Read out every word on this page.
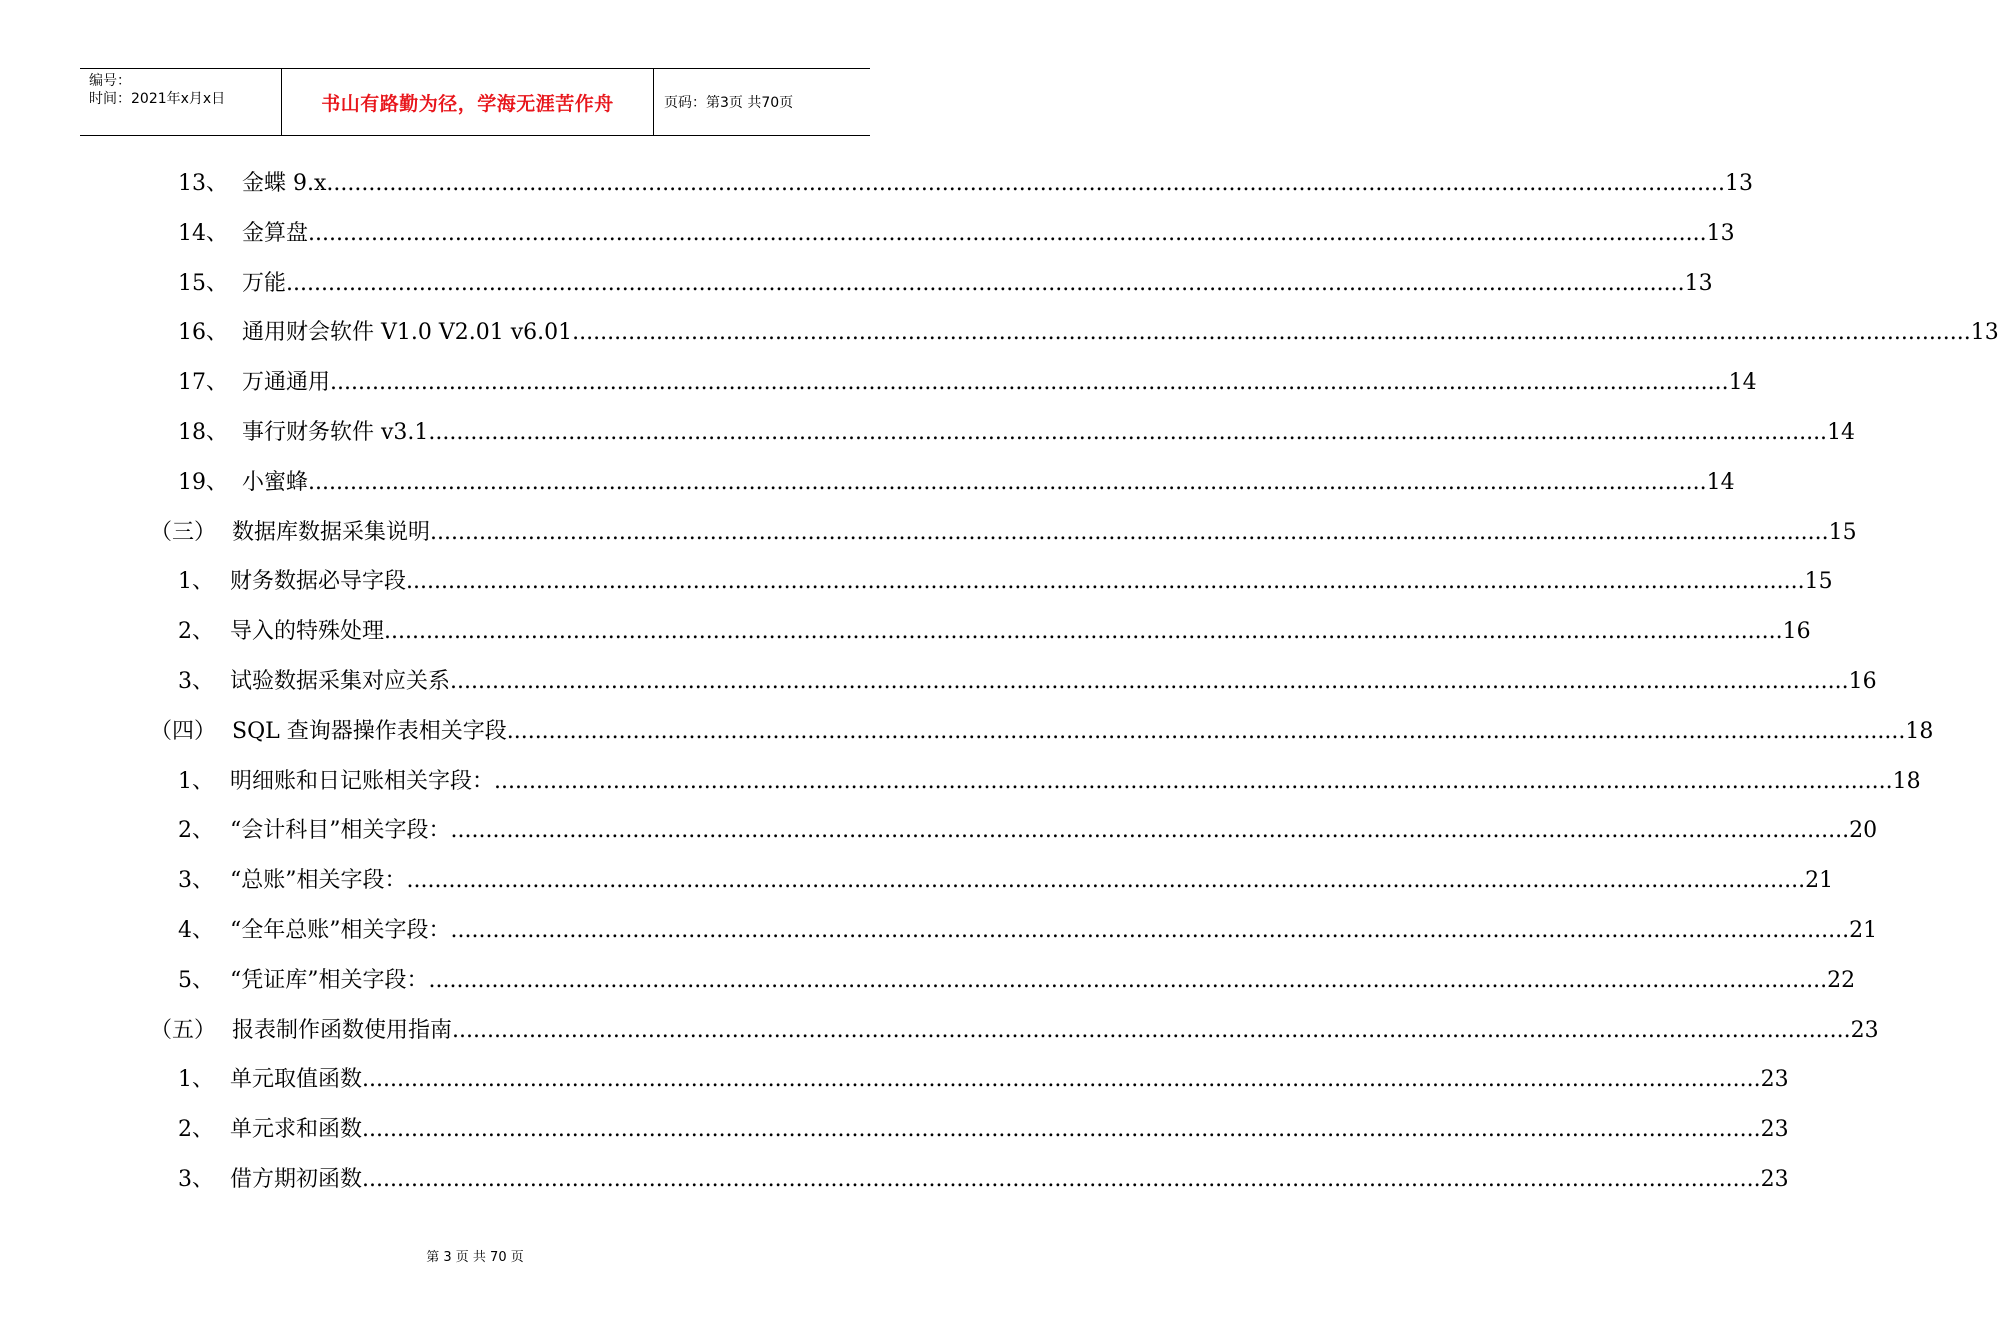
编号：
时间：2021年x月x日	书山有路勤为径，学海无涯苦作舟	页码：第3页 共70页
13、 金蝶 9.x ........................................................................................................................................................................................................ 13
14、 金算盘 ........................................................................................................................................................................................................ 13
15、 万能 ........................................................................................................................................................................................................ 13
16、 通用财会软件 V1.0 V2.01 v6.01 ........................................................................................................................................................................................................ 13
17、 万通通用 ........................................................................................................................................................................................................ 14
18、 事行财务软件 v3.1 ........................................................................................................................................................................................................ 14
19、 小蜜蜂 ........................................................................................................................................................................................................ 14
（三） 数据库数据采集说明 ........................................................................................................................................................................................................ 15
1、 财务数据必导字段 ........................................................................................................................................................................................................ 15
2、 导入的特殊处理 ........................................................................................................................................................................................................ 16
3、 试验数据采集对应关系 ........................................................................................................................................................................................................ 16
（四） SQL 查询器操作表相关字段 ........................................................................................................................................................................................................ 18
1、 明细账和日记账相关字段： ........................................................................................................................................................................................................ 18
2、 “会计科目”相关字段： ........................................................................................................................................................................................................ 20
3、 “总账”相关字段： ........................................................................................................................................................................................................ 21
4、 “全年总账”相关字段： ........................................................................................................................................................................................................ 21
5、 “凭证库”相关字段： ........................................................................................................................................................................................................ 22
（五） 报表制作函数使用指南 ........................................................................................................................................................................................................ 23
1、 单元取值函数 ........................................................................................................................................................................................................ 23
2、 单元求和函数 ........................................................................................................................................................................................................ 23
3、 借方期初函数 ........................................................................................................................................................................................................ 23
第 3 页 共 70 页
